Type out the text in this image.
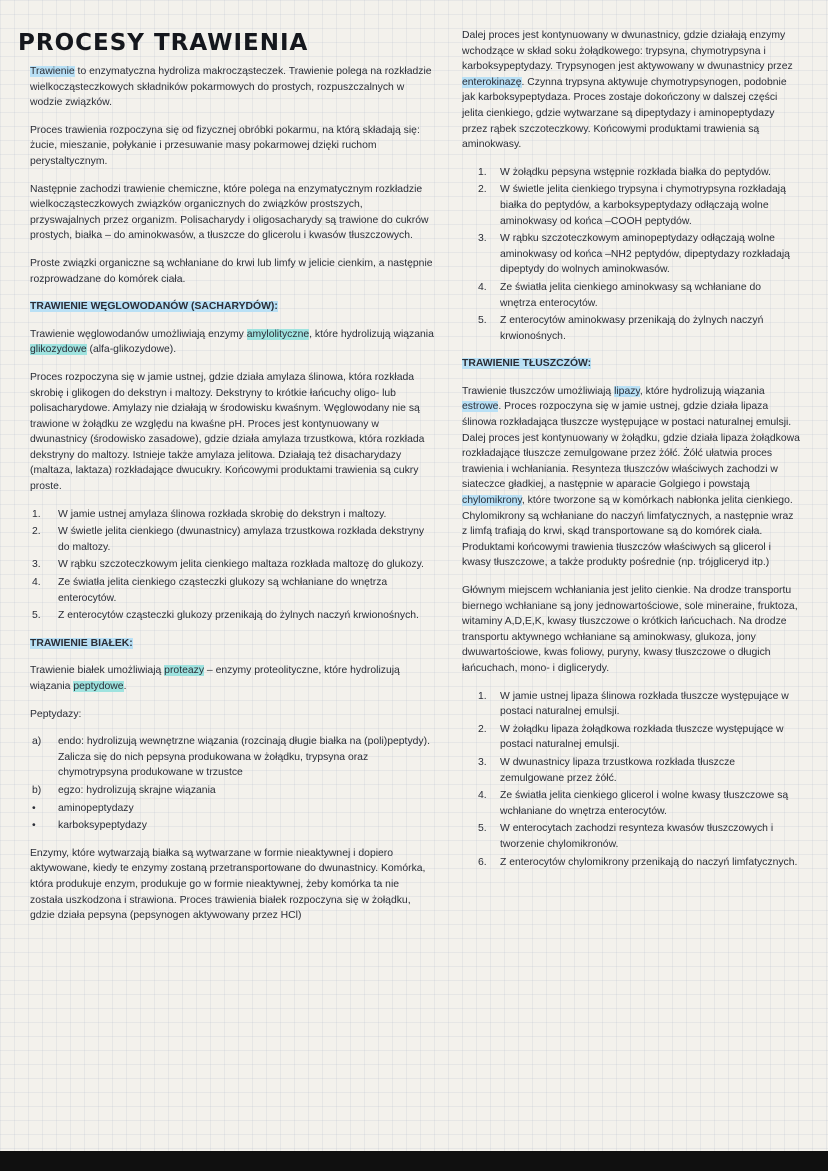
PROCESY TRAWIENIA

Trawienie to enzymatyczna hydroliza makrocząsteczek. Trawienie polega na rozkładzie wielkocząsteczkowych składników pokarmowych do prostych, rozpuszczalnych w wodzie związków.

Proces trawienia rozpoczyna się od fizycznej obróbki pokarmu, na którą składają się: żucie, mieszanie, połykanie i przesuwanie masy pokarmowej dzięki ruchom perystaltycznym.

Następnie zachodzi trawienie chemiczne, które polega na enzymatycznym rozkładzie wielkocząsteczkowych związków organicznych do związków prostszych, przyswajalnych przez organizm. Polisacharydy i oligosacharydy są trawione do cukrów prostych, białka – do aminokwasów, a tłuszcze do glicerolu i kwasów tłuszczowych.

Proste związki organiczne są wchłaniane do krwi lub limfy w jelicie cienkim, a następnie rozprowadzane do komórek ciała.

TRAWIENIE WĘGLOWODANÓW (SACHARYDÓW):

Trawienie węglowodanów umożliwiają enzymy amylolityczne, które hydrolizują wiązania glikozydowe (alfa-glikozydowe).

Proces rozpoczyna się w jamie ustnej, gdzie działa amylaza ślinowa, która rozkłada skrobię i glikogen do dekstryn i maltozy. Dekstryny to krótkie łańcuchy oligo- lub polisacharydowe. Amylazy nie działają w środowisku kwaśnym. Węglowodany nie są trawione w żołądku ze względu na kwaśne pH. Proces jest kontynuowany w dwunastnicy (środowisko zasadowe), gdzie działa amylaza trzustkowa, która rozkłada dekstryny do maltozy. Istnieje także amylaza jelitowa. Działają też disacharydazy (maltaza, laktaza) rozkładające dwucukry. Końcowymi produktami trawienia są cukry proste.

1.	W jamie ustnej amylaza ślinowa rozkłada skrobię do dekstryn i maltozy.
2.	W świetle jelita cienkiego (dwunastnicy) amylaza trzustkowa rozkłada dekstryny do maltozy.
3.	W rąbku szczoteczkowym jelita cienkiego maltaza rozkłada maltozę do glukozy.
4.	Ze światła jelita cienkiego cząsteczki glukozy są wchłaniane do wnętrza enterocytów.
5.	Z enterocytów cząsteczki glukozy przenikają do żylnych naczyń krwionośnych.
TRAWIENIE BIAŁEK:

Trawienie białek umożliwiają proteazy – enzymy proteolityczne, które hydrolizują wiązania peptydowe.

Peptydazy:

a)	endo: hydrolizują wewnętrzne wiązania (rozcinają długie białka na (poli)peptydy). Zalicza się do nich pepsyna produkowana w żołądku, trypsyna oraz chymotrypsyna produkowane w trzustce
b)	egzo: hydrolizują skrajne wiązania
•	aminopeptydazy
•	karboksypeptydazy

Enzymy, które wytwarzają białka są wytwarzane w formie nieaktywnej i dopiero aktywowane, kiedy te enzymy zostaną przetransportowane do dwunastnicy. Komórka, która produkuje enzym, produkuje go w formie nieaktywnej, żeby komórka ta nie została uszkodzona i strawiona. Proces trawienia białek rozpoczyna się w żołądku, gdzie działa pepsyna (pepsynogen aktywowany przez HCl)

Dalej proces jest kontynuowany w dwunastnicy, gdzie działają enzymy wchodzące w skład soku żołądkowego: trypsyna, chymotrypsyna i karboksypeptydazy. Trypsynogen jest aktywowany w dwunastnicy przez enterokinazę. Czynna trypsyna aktywuje chymotrypsynogen, podobnie jak karboksypeptydaza. Proces zostaje dokończony w dalszej części jelita cienkiego, gdzie wytwarzane są dipeptydazy i aminopeptydazy przez rąbek szczoteczkowy. Końcowymi produktami trawienia są aminokwasy.

1.	W żołądku pepsyna wstępnie rozkłada białka do peptydów.
2.	W świetle jelita cienkiego trypsyna i chymotrypsyna rozkładają białka do peptydów, a karboksypeptydazy odłączają wolne aminokwasy od końca –COOH peptydów.
3.	W rąbku szczoteczkowym aminopeptydazy odłączają wolne aminokwasy od końca –NH2 peptydów, dipeptydazy rozkładają dipeptydy do wolnych aminokwasów.
4.	Ze światła jelita cienkiego aminokwasy są wchłaniane do wnętrza enterocytów.
5.	Z enterocytów aminokwasy przenikają do żylnych naczyń krwionośnych.
TRAWIENIE TŁUSZCZÓW:

Trawienie tłuszczów umożliwiają lipazy, które hydrolizują wiązania estrowe. Proces rozpoczyna się w jamie ustnej, gdzie działa lipaza ślinowa rozkładająca tłuszcze występujące w postaci naturalnej emulsji. Dalej proces jest kontynuowany w żołądku, gdzie działa lipaza żołądkowa rozkładające tłuszcze zemulgowane przez żółć. Żółć ułatwia proces trawienia i wchłaniania. Resynteza tłuszczów właściwych zachodzi w siateczce gładkiej, a następnie w aparacie Golgiego i powstają chylomikrony, które tworzone są w komórkach nabłonka jelita cienkiego. Chylomikrony są wchłaniane do naczyń limfatycznych, a następnie wraz z limfą trafiają do krwi, skąd transportowane są do komórek ciała. Produktami końcowymi trawienia tłuszczów właściwych są glicerol i kwasy tłuszczowe, a także produkty pośrednie (np. trójgliceryd itp.)

Głównym miejscem wchłaniania jest jelito cienkie. Na drodze transportu biernego wchłaniane są jony jednowartościowe, sole mineraine, fruktoza, witaminy A,D,E,K, kwasy tłuszczowe o krótkich łańcuchach. Na drodze transportu aktywnego wchłaniane są aminokwasy, glukoza, jony dwuwartościowe, kwas foliowy, puryny, kwasy tłuszczowe o długich łańcuchach, mono- i diglicerydy.

1.	W jamie ustnej lipaza ślinowa rozkłada tłuszcze występujące w postaci naturalnej emulsji.
2.	W żołądku lipaza żołądkowa rozkłada tłuszcze występujące w postaci naturalnej emulsji.
3.	W dwunastnicy lipaza trzustkowa rozkłada tłuszcze zemulgowane przez żółć.
4.	Ze światła jelita cienkiego glicerol i wolne kwasy tłuszczowe są wchłaniane do wnętrza enterocytów.
5.	W enterocytach zachodzi resynteza kwasów tłuszczowych i tworzenie chylomikronów.
6.	Z enterocytów chylomikrony przenikają do naczyń limfatycznych.
